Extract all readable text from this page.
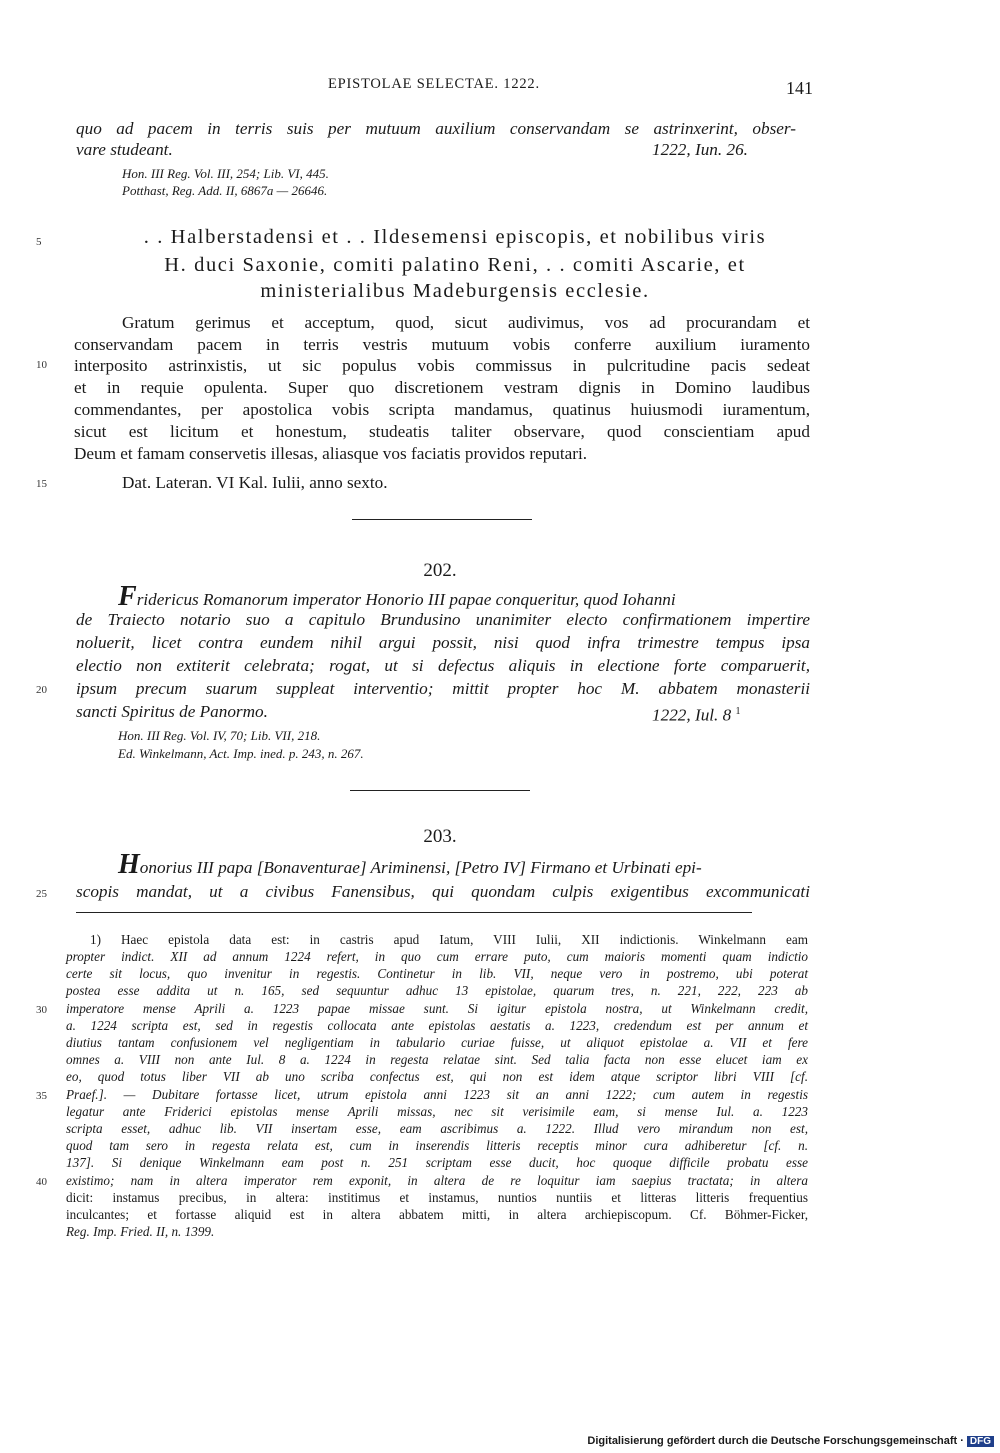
EPISTOLAE SELECTAE. 1222.	141
quo ad pacem in terris suis per mutuum auxilium conservandam se astrinxerint, obser-
vare studeant.	1222, Iun. 26.
Hon. III Reg. Vol. III, 254; Lib. VI, 445.
Potthast, Reg. Add. II, 6867a — 26646.
5	. . Halberstadensi et . . Ildesemensi episcopis, et nobilibus viris
H. duci Saxonie, comiti palatino Reni, . . comiti Ascarie, et
ministerialibus Madeburgensis ecclesie.
Gratum gerimus et acceptum, quod, sicut audivimus, vos ad procurandam et
conservandam pacem in terris vestris mutuum vobis conferre auxilium iuramento
10 interposito astrinxistis, ut sic populus vobis commissus in pulcritudine pacis sedeat
et in requie opulenta. Super quo discretionem vestram dignis in Domino laudibus
commendantes, per apostolica vobis scripta mandamus, quatinus huiusmodi iuramentum,
sicut est licitum et honestum, studeatis taliter observare, quod conscientiam apud
Deum et famam conservetis illesas, aliasque vos faciatis providos reputari.
15	Dat. Lateran. VI Kal. Iulii, anno sexto.
202.
Fridericus Romanorum imperator Honorio III papae conqueritur, quod Iohanni
de Traiecto notario suo a capitulo Brundusino unanimiter electo confirmationem impertire
noluerit, licet contra eundem nihil argui possit, nisi quod infra trimestre tempus ipsa
electio non extiterit celebrata; rogat, ut si defectus aliquis in electione forte comparuerit,
20 ipsum precum suarum suppleat interventio; mittit propter hoc M. abbatem monasterii
sancti Spiritus de Panormo.	1222, Iul. 8 $^1$
Hon. III Reg. Vol. IV, 70; Lib. VII, 218.
Ed. Winkelmann, Act. Imp. ined. p. 243, n. 267.
203.
Honorius III papa [Bonaventurae] Ariminensi, [Petro IV] Firmano et Urbinati epi-
25 scopis mandat, ut a civibus Fanensibus, qui quondam culpis exigentibus excommunicati
1) Haec epistola data est: in castris apud Iatum, VIII Iulii, XII indictionis. Winkelmann eam
propter indict. XII ad annum 1224 refert, in quo cum errare puto, cum maioris momenti quam indictio
certe sit locus, quo invenitur in regestis. Continetur in lib. VII, neque vero in postremo, ubi poterat
postea esse addita ut n. 165, sed sequuntur adhuc 13 epistolae, quarum tres, n. 221, 222, 223 ab
30 imperatore mense Aprili a. 1223 papae missae sunt. Si igitur epistola nostra, ut Winkelmann credit,
a. 1224 scripta est, sed in regestis collocata ante epistolas aestatis a. 1223, credendum est per annum et
diutius tantam confusionem vel negligentiam in tabulario curiae fuisse, ut aliquot epistolae a. VII et fere
omnes a. VIII non ante Iul. 8 a. 1224 in regesta relatae sint. Sed talia facta non esse elucet iam ex
eo, quod totus liber VII ab uno scriba confectus est, qui non est idem atque scriptor libri VIII [cf.
35 Praef.]. — Dubitare fortasse licet, utrum epistola anni 1223 sit an anni 1222; cum autem in regestis
legatur ante Friderici epistolas mense Aprili missas, nec sit verisimile eam, si mense Iul. a. 1223
scripta esset, adhuc lib. VII insertam esse, eam ascribimus a. 1222. Illud vero mirandum non est,
quod tam sero in regesta relata est, cum in inserendis litteris receptis minor cura adhiberetur [cf. n.
137]. Si denique Winkelmann eam post n. 251 scriptam esse ducit, hoc quoque difficile probatu esse
40 existimo; nam in altera imperator rem exponit, in altera de re loquitur iam saepius tractata; in altera
dicit: instamus precibus, in altera: institimus et instamus, nuntios nuntiis et litteras litteris frequentius
inculcantes; et fortasse aliquid est in altera abbatem mitti, in altera archiepiscopum. Cf. Böhmer-Ficker,
Reg. Imp. Fried. II, n. 1399.
Digitalisierung gefördert durch die Deutsche Forschungsgemeinschaft · DFG
